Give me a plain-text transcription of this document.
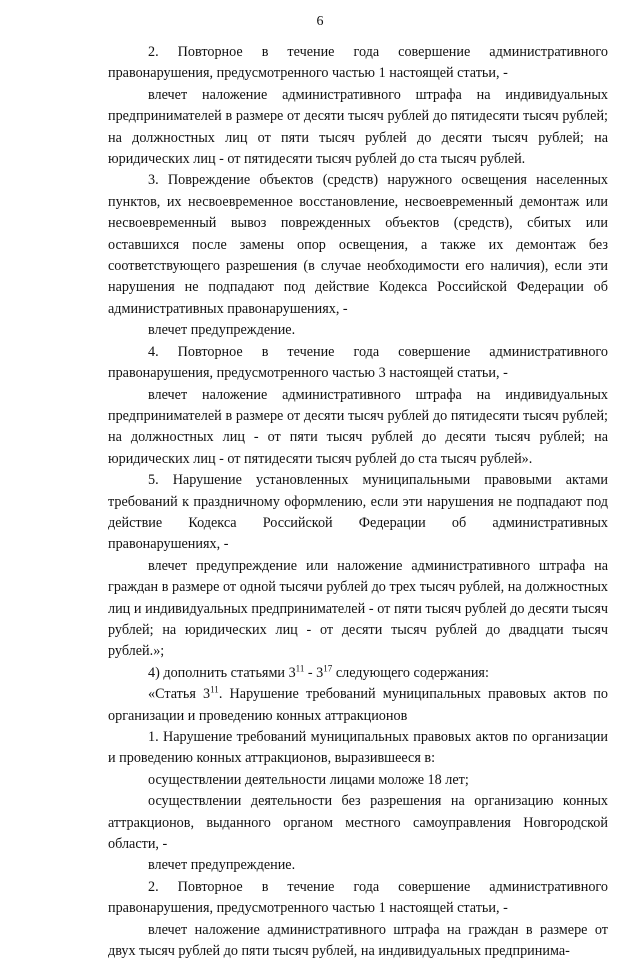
6

2. Повторное в течение года совершение административного правонарушения, предусмотренного частью 1 настоящей статьи, -

влечет наложение административного штрафа на индивидуальных предпринимателей в размере от десяти тысяч рублей до пятидесяти тысяч рублей; на должностных лиц от пяти тысяч рублей до десяти тысяч рублей; на юридических лиц - от пятидесяти тысяч рублей до ста тысяч рублей.

3. Повреждение объектов (средств) наружного освещения населенных пунктов, их несвоевременное восстановление, несвоевременный демонтаж или несвоевременный вывоз поврежденных объектов (средств), сбитых или оставшихся после замены опор освещения, а также их демонтаж без соответствующего разрешения (в случае необходимости его наличия), если эти нарушения не подпадают под действие Кодекса Российской Федерации об административных правонарушениях, -

влечет предупреждение.

4. Повторное в течение года совершение административного правонарушения, предусмотренного частью 3 настоящей статьи, -

влечет наложение административного штрафа на индивидуальных предпринимателей в размере от десяти тысяч рублей до пятидесяти тысяч рублей; на должностных лиц - от пяти тысяч рублей до десяти тысяч рублей; на юридических лиц - от пятидесяти тысяч рублей до ста тысяч рублей».

5. Нарушение установленных муниципальными правовыми актами требований к праздничному оформлению, если эти нарушения не подпадают под действие Кодекса Российской Федерации об административных правонарушениях, -

влечет предупреждение или наложение административного штрафа на граждан в размере от одной тысячи рублей до трех тысяч рублей, на должностных лиц и индивидуальных предпринимателей - от пяти тысяч рублей до десяти тысяч рублей; на юридических лиц - от десяти тысяч рублей до двадцати тысяч рублей.»;

4) дополнить статьями $3^{11} - 3^{17}$ следующего содержания:

«Статья $3^{11}$. Нарушение требований муниципальных правовых актов по организации и проведению конных аттракционов

1. Нарушение требований муниципальных правовых актов по организации и проведению конных аттракционов, выразившееся в:

осуществлении деятельности лицами моложе 18 лет;

осуществлении деятельности без разрешения на организацию конных аттракционов, выданного органом местного самоуправления Новгородской области, -

влечет предупреждение.

2. Повторное в течение года совершение административного правонарушения, предусмотренного частью 1 настоящей статьи, -

влечет наложение административного штрафа на граждан в размере от двух тысяч рублей до пяти тысяч рублей, на индивидуальных предпринима-
